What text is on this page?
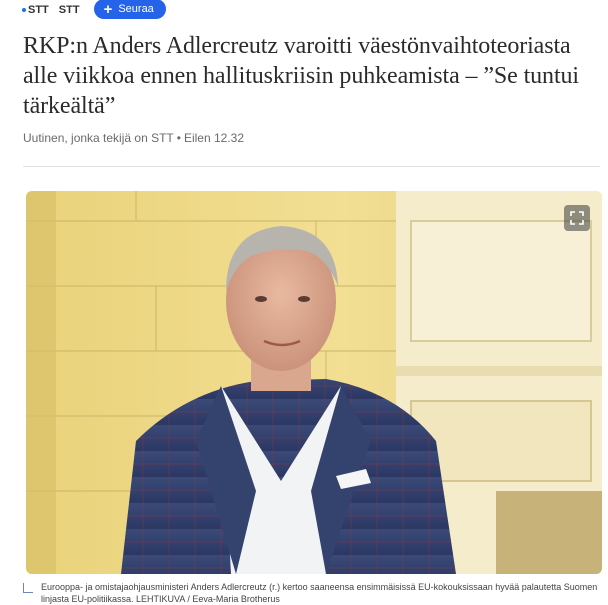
STT STT + Seuraa
RKP:n Anders Adlercreutz varoitti väestönvaihtoteoriasta alle viikkoa ennen hallituskriisin puhkeamista – ”Se tuntui tärkeältä”
Uutinen, jonka tekijä on STT • Eilen 12.32

Eurooppa- ja omistajaohjausministeri Anders Adlercreutz (r.) kertoo saaneensa ensimmäisissä EU-kokouksissaan hyvää palautetta Suomen linjasta EU-politiikassa. LEHTIKUVA / Eeva-Maria Brotherus
